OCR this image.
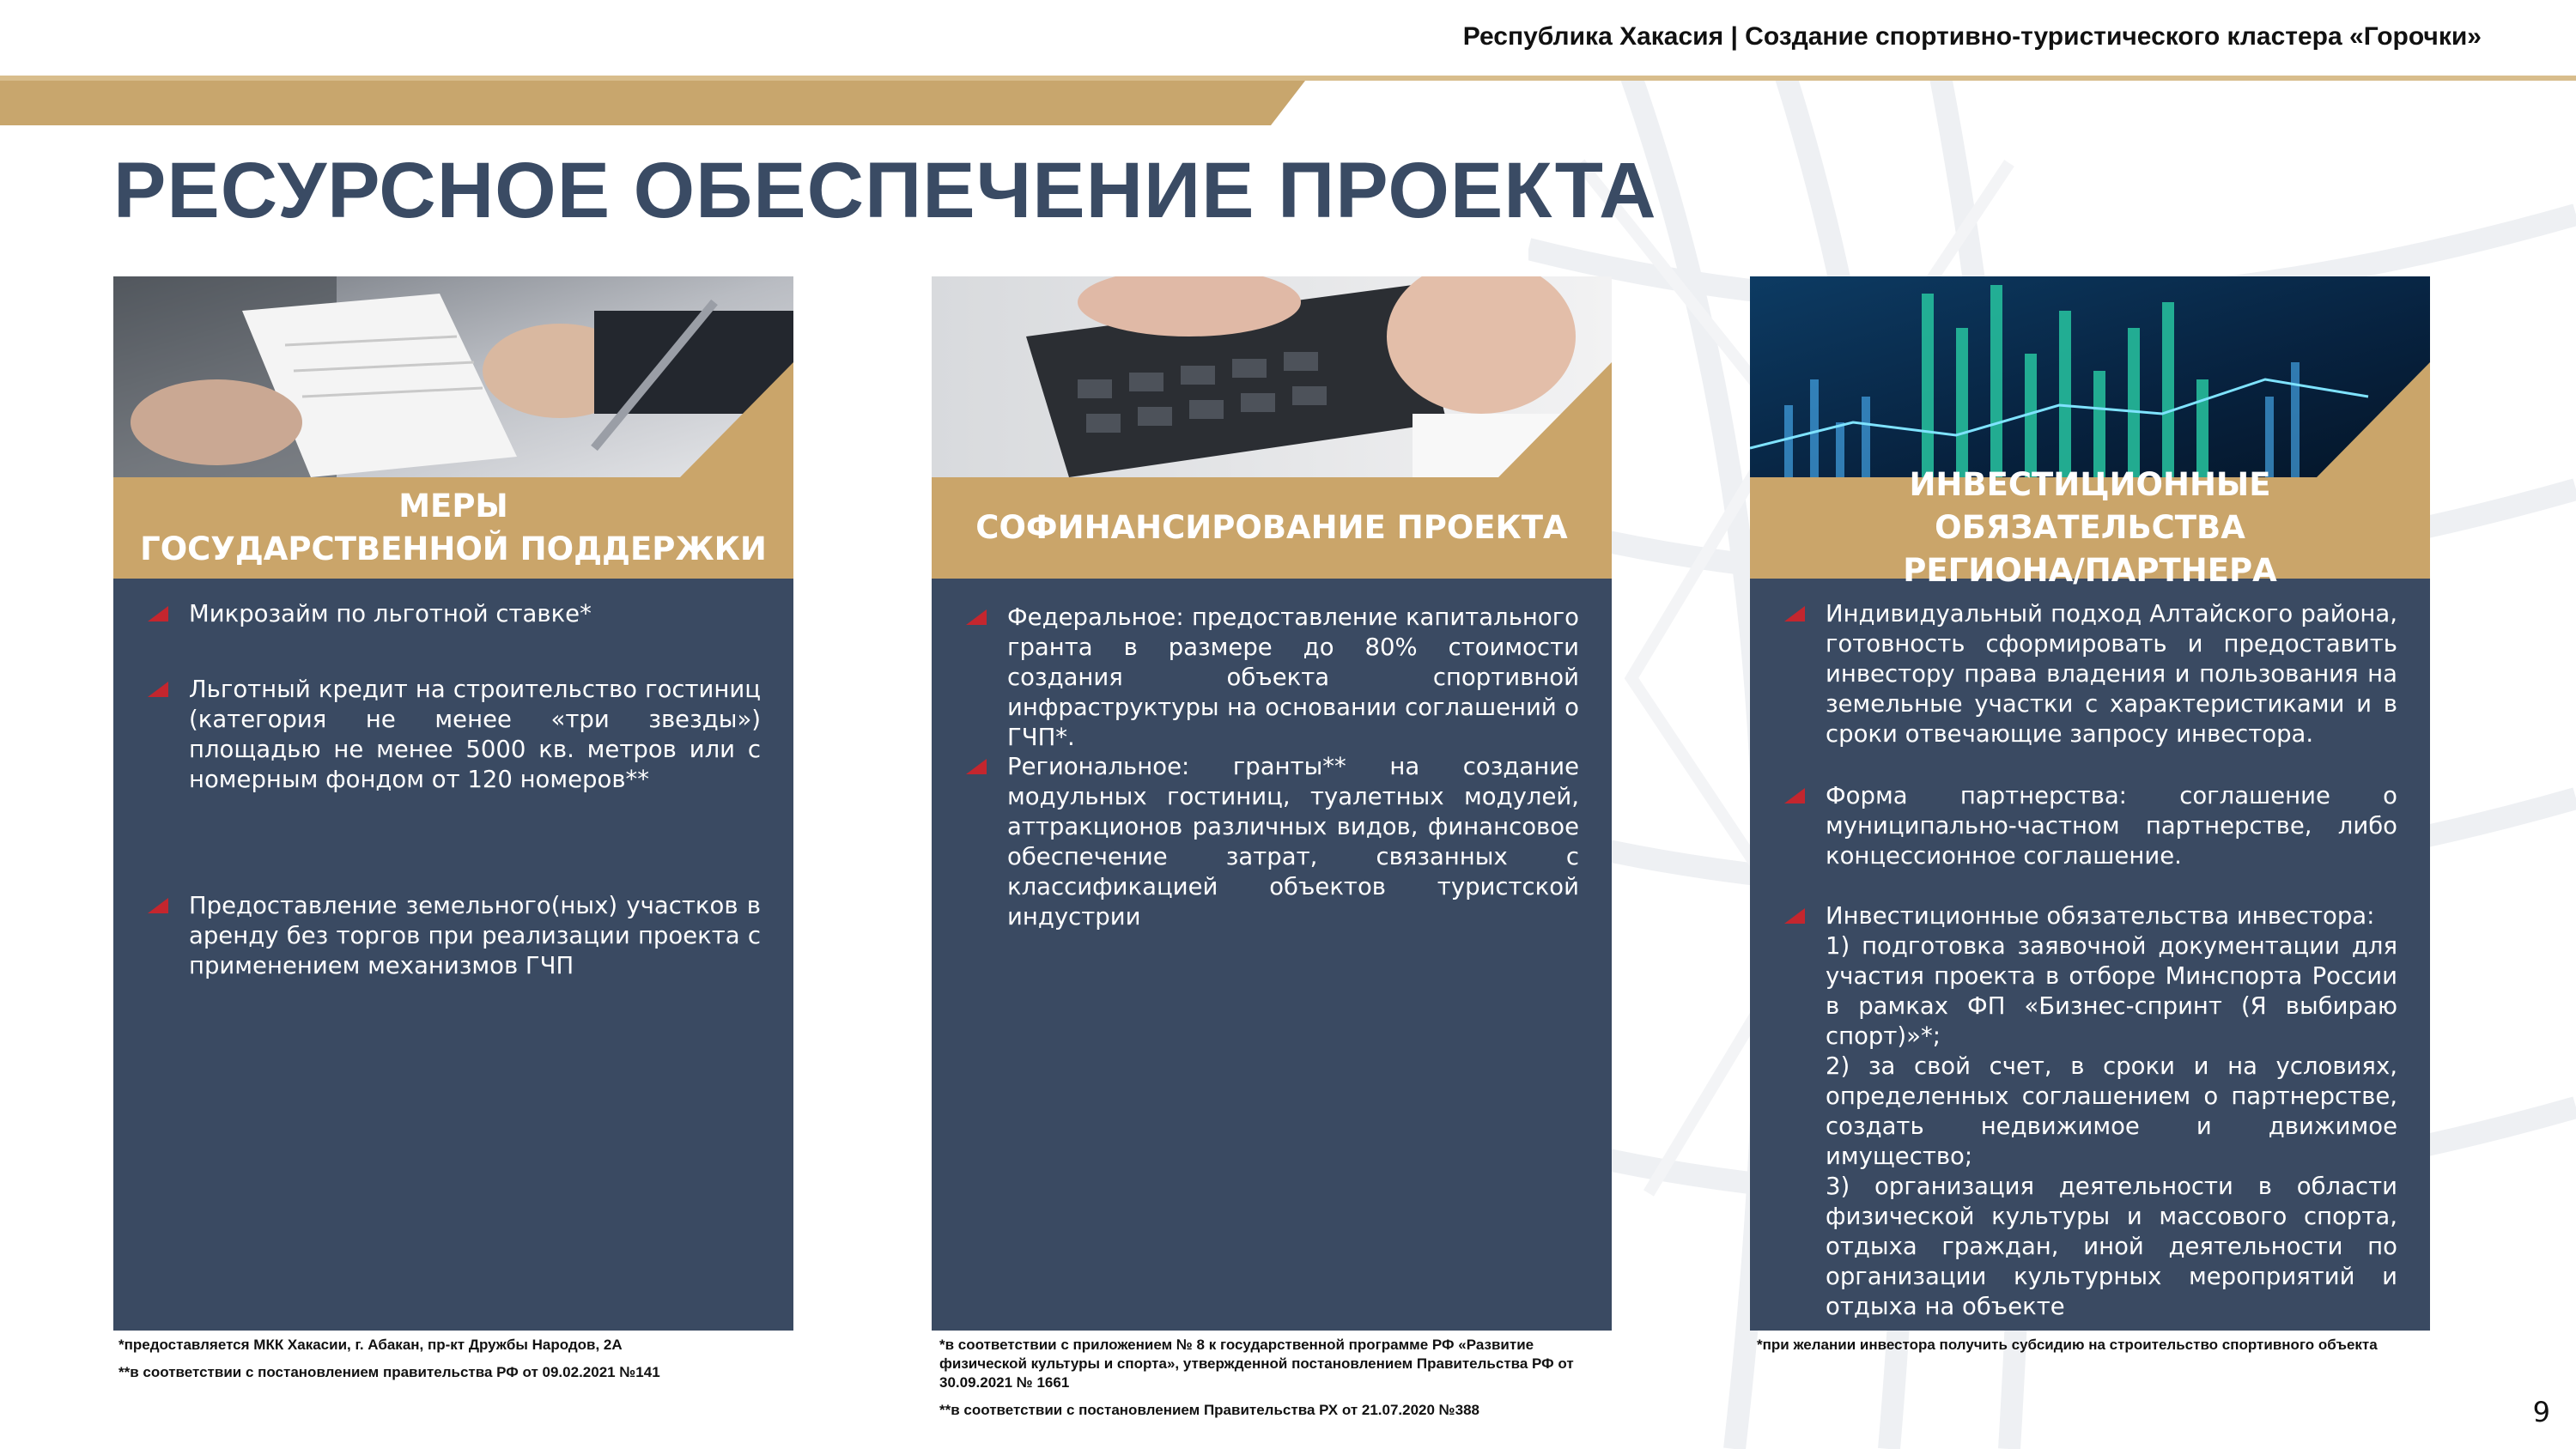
Республика Хакасия | Создание спортивно-туристического кластера «Горочки»
РЕСУРСНОЕ ОБЕСПЕЧЕНИЕ ПРОЕКТА
МЕРЫ
ГОСУДАРСТВЕННОЙ ПОДДЕРЖКИ
Микрозайм по льготной ставке*
Льготный кредит на строительство гостиниц (категория не менее «три звезды») площадью не менее 5000 кв. метров или с номерным фондом от 120 номеров**
Предоставление земельного(ных) участков в аренду без торгов при реализации проекта с применением механизмов ГЧП
*предоставляется МКК Хакасии, г. Абакан, пр-кт Дружбы Народов, 2А
**в соответствии с постановлением правительства РФ от 09.02.2021 №141
СОФИНАНСИРОВАНИЕ ПРОЕКТА
Федеральное: предоставление капитального гранта в размере до 80% стоимости создания объекта спортивной инфраструктуры на основании соглашений о ГЧП*.
Региональное: гранты** на создание модульных гостиниц, туалетных модулей, аттракционов различных видов, финансовое обеспечение затрат, связанных с классификацией объектов туристской индустрии
*в соответствии с приложением № 8 к государственной программе РФ «Развитие физической культуры и спорта», утвержденной постановлением Правительства РФ от 30.09.2021 № 1661
**в соответствии с постановлением Правительства РХ от 21.07.2020 №388
ИНВЕСТИЦИОННЫЕ ОБЯЗАТЕЛЬСТВА
РЕГИОНА/ПАРТНЕРА
Индивидуальный подход Алтайского района, готовность сформировать и предоставить инвестору права владения и пользования на земельные участки с характеристиками и в сроки отвечающие запросу инвестора.
Форма партнерства: соглашение о муниципально-частном партнерстве, либо концессионное соглашение.
Инвестиционные обязательства инвестора:
1) подготовка заявочной документации для участия проекта в отборе Минспорта России в рамках ФП «Бизнес-спринт (Я выбираю спорт)»*;
2) за свой счет, в сроки и на условиях, определенных соглашением о партнерстве, создать недвижимое и движимое имущество;
3) организация деятельности в области физической культуры и массового спорта, отдыха граждан, иной деятельности по организации культурных мероприятий и отдыха на объекте
*при желании инвестора получить субсидию на строительство спортивного объекта
9
